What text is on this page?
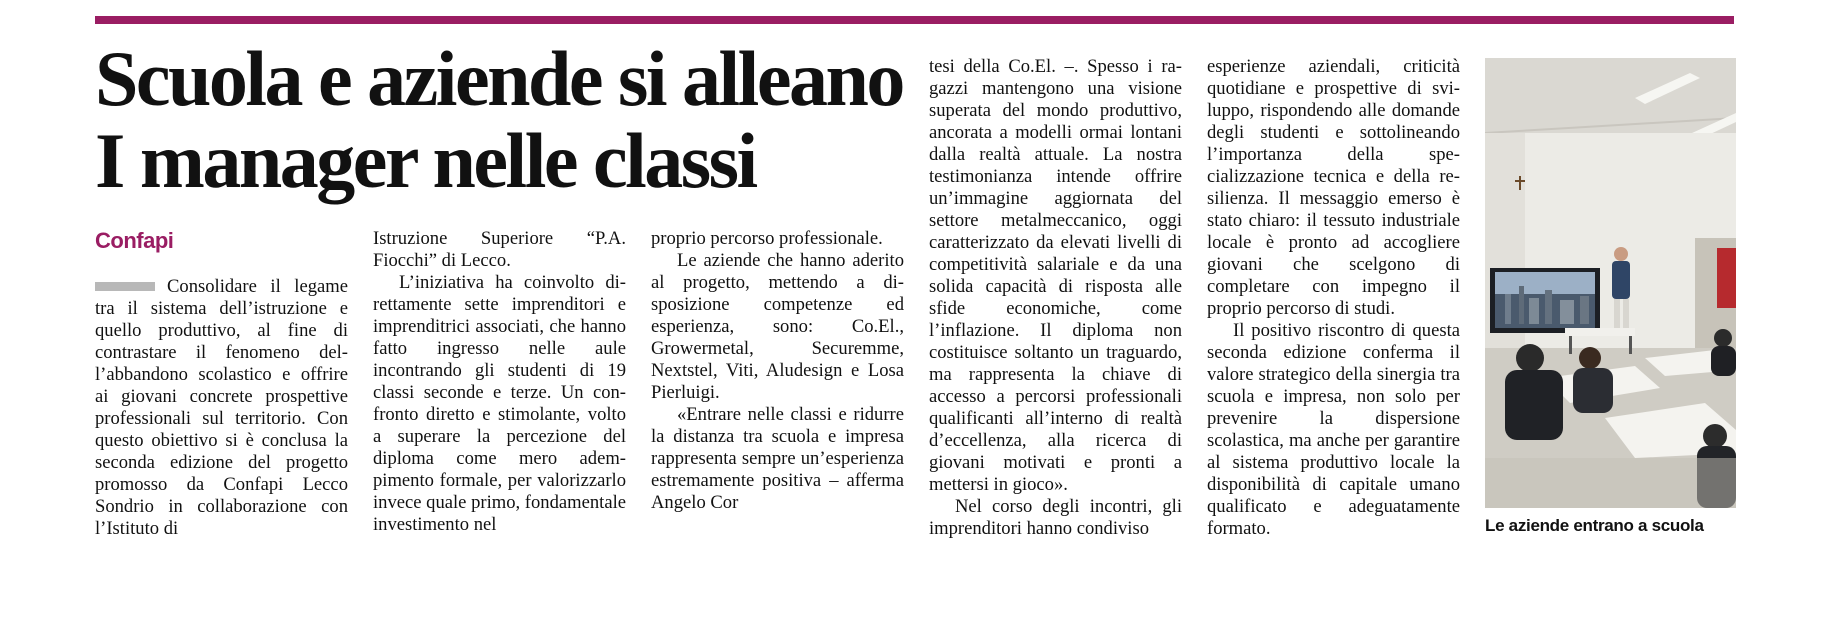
Scuola e aziende si alleano
I manager nelle classi
Confapi

Consolidare il legame tra il sistema dell’istruzione e quello produttivo, al fine di contrastare il fenomeno dell’abbandono scolastico e offrire ai giovani concrete prospettive professionali sul territorio. Con questo obiettivo si è conclusa la seconda edizione del progetto promosso da Confapi Lecco Sondrio in collaborazione con l’Istituto di

Istruzione Superiore “P.A. Fiocchi” di Lecco.

L’iniziativa ha coinvolto direttamente sette imprenditori e imprenditrici associati, che hanno fatto ingresso nelle aule incontrando gli studenti di 19 classi seconde e terze. Un confronto diretto e stimolante, volto a superare la percezione del diploma come mero adempimento formale, per valorizzarlo invece quale primo, fondamentale investimento nel

proprio percorso professionale.

Le aziende che hanno aderito al progetto, mettendo a disposizione competenze ed esperienza, sono: Co.El., Growermetal, Securemme, Nextstel, Viti, Aludesign e Losa Pierluigi.

«Entrare nelle classi e ridurre la distanza tra scuola e impresa rappresenta sempre un’esperienza estremamente positiva – afferma Angelo Cor

tesi della Co.El. –. Spesso i ragazzi mantengono una visione superata del mondo produttivo, ancorata a modelli ormai lontani dalla realtà attuale. La nostra testimonianza intende offrire un’immagine aggiornata del settore metalmeccanico, oggi caratterizzato da elevati livelli di competitività salariale e da una solida capacità di risposta alle sfide economiche, come l’inflazione. Il diploma non costituisce soltanto un traguardo, ma rappresenta la chiave di accesso a percorsi professionali qualificanti all’interno di realtà d’eccellenza, alla ricerca di giovani motivati e pronti a mettersi in gioco».

Nel corso degli incontri, gli imprenditori hanno condiviso

esperienze aziendali, criticità quotidiane e prospettive di sviluppo, rispondendo alle domande degli studenti e sottolineando l’importanza della specializzazione tecnica e della resilienza. Il messaggio emerso è stato chiaro: il tessuto industriale locale è pronto ad accogliere giovani che scelgono di completare con impegno il proprio percorso di studi.

Il positivo riscontro di questa seconda edizione conferma il valore strategico della sinergia tra scuola e impresa, non solo per prevenire la dispersione scolastica, ma anche per garantire al sistema produttivo locale la disponibilità di capitale umano qualificato e adeguatamente formato.	Le aziende entrano a scuola
